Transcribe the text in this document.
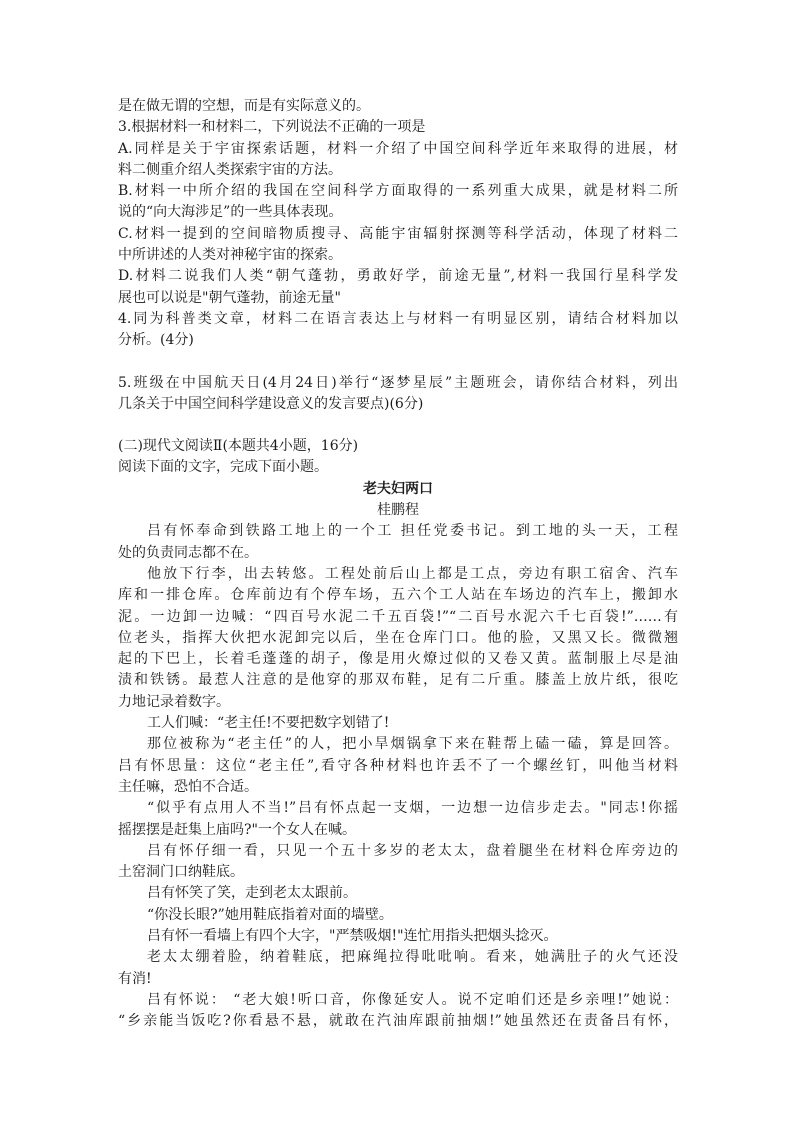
是在做无谓的空想，而是有实际意义的。
3.根据材料一和材料二，下列说法不正确的一项是
A.同样是关于宇宙探索话题，材料一介绍了中国空间科学近年来取得的进展，材
料二侧重介绍人类探索宇宙的方法。
B.材料一中所介绍的我国在空间科学方面取得的一系列重大成果，就是材料二所
说的“向大海涉足”的一些具体表现。
C.材料一提到的空间暗物质搜寻、高能宇宙辐射探测等科学活动，体现了材料二
中所讲述的人类对神秘宇宙的探索。
D.材料二说我们人类“朝气蓬勃，勇敢好学，前途无量”,材料一我国行星科学发
展也可以说是"朝气蓬勃，前途无量"
4.同为科普类文章，材料二在语言表达上与材料一有明显区别，请结合材料加以
分析。(4分)
5.班级在中国航天日(4月24日)举行“逐梦星辰”主题班会，请你结合材料，列出
几条关于中国空间科学建设意义的发言要点)(6分)
(二)现代文阅读Ⅱ(本题共4小题，16分)
阅读下面的文字，完成下面小题。
老夫妇两口
桂鹏程
吕有怀奉命到铁路工地上的一个工 担任党委书记。到工地的头一天，工程
处的负责同志都不在。
他放下行李，出去转悠。工程处前后山上都是工点，旁边有职工宿舍、汽车
库和一排仓库。仓库前边有个停车场，五六个工人站在车场边的汽车上，搬卸水
泥。一边卸一边喊：“四百号水泥二千五百袋!”“二百号水泥六千七百袋!”……有
位老头，指挥大伙把水泥卸完以后，坐在仓库门口。他的脸，又黑又长。微微翘
起的下巴上，长着毛蓬蓬的胡子，像是用火燎过似的又卷又黄。蓝制服上尽是油
渍和铁锈。最惹人注意的是他穿的那双布鞋，足有二斤重。膝盖上放片纸，很吃
力地记录着数字。
工人们喊：“老主任!不要把数字划错了!
那位被称为“老主任”的人，把小旱烟锅拿下来在鞋帮上磕一磕，算是回答。
吕有怀思量：这位“老主任”,看守各种材料也许丢不了一个螺丝钉，叫他当材料
主任嘛，恐怕不合适。
“似乎有点用人不当!”吕有怀点起一支烟，一边想一边信步走去。"同志!你摇
摇摆摆是赶集上庙吗?"一个女人在喊。
吕有怀仔细一看，只见一个五十多岁的老太太，盘着腿坐在材料仓库旁边的
土窑洞门口纳鞋底。
吕有怀笑了笑，走到老太太跟前。
“你没长眼?”她用鞋底指着对面的墙壁。
吕有怀一看墙上有四个大字，"严禁吸烟!"连忙用指头把烟头捻灭。
老太太绷着脸，纳着鞋底，把麻绳拉得吡吡响。看来，她满肚子的火气还没
有消!
吕有怀说： “老大娘!听口音，你像延安人。说不定咱们还是乡亲哩!”她说：
“乡亲能当饭吃?你看悬不悬，就敢在汽油库跟前抽烟!”她虽然还在责备吕有怀，
